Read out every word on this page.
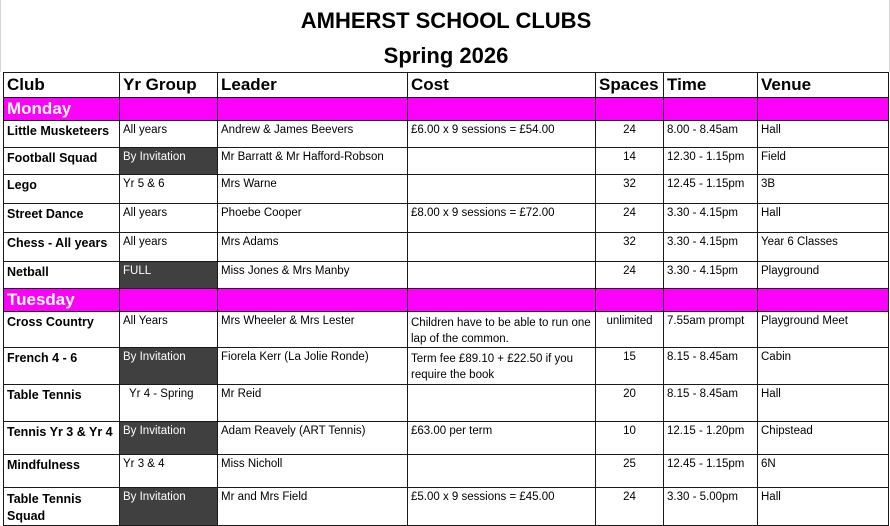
AMHERST SCHOOL CLUBS
Spring 2026
Club	Yr Group	Leader	Cost	Spaces	Time	Venue
Monday						
Little Musketeers	All years	Andrew & James Beevers	£6.00 x 9 sessions = £54.00	24	8.00 - 8.45am	Hall
Football Squad	By Invitation	Mr Barratt & Mr Hafford-Robson		14	12.30 - 1.15pm	Field
Lego	Yr 5 & 6	Mrs Warne		32	12.45 - 1.15pm	3B
Street Dance	All years	Phoebe Cooper	£8.00 x 9 sessions = £72.00	24	3.30 - 4.15pm	Hall
Chess - All years	All years	Mrs Adams		32	3.30 - 4.15pm	Year 6 Classes
Netball	FULL	Miss Jones & Mrs Manby		24	3.30 - 4.15pm	Playground
Tuesday						
Cross Country	All Years	Mrs Wheeler & Mrs Lester	Children have to be able to run one lap of the common.	unlimited	7.55am prompt	Playground Meet
French 4 - 6	By Invitation	Fiorela Kerr (La Jolie Ronde)	Term fee £89.10 + £22.50 if you require the book	15	8.15 - 8.45am	Cabin
Table Tennis	Yr 4 - Spring	Mr Reid		20	8.15 - 8.45am	Hall
Tennis Yr 3 & Yr 4	By Invitation	Adam Reavely (ART Tennis)	£63.00 per term	10	12.15 - 1.20pm	Chipstead
Mindfulness	Yr 3 & 4	Miss Nicholl		25	12.45 - 1.15pm	6N
Table Tennis Squad	By Invitation	Mr and Mrs Field	£5.00 x 9 sessions = £45.00	24	3.30 - 5.00pm	Hall
